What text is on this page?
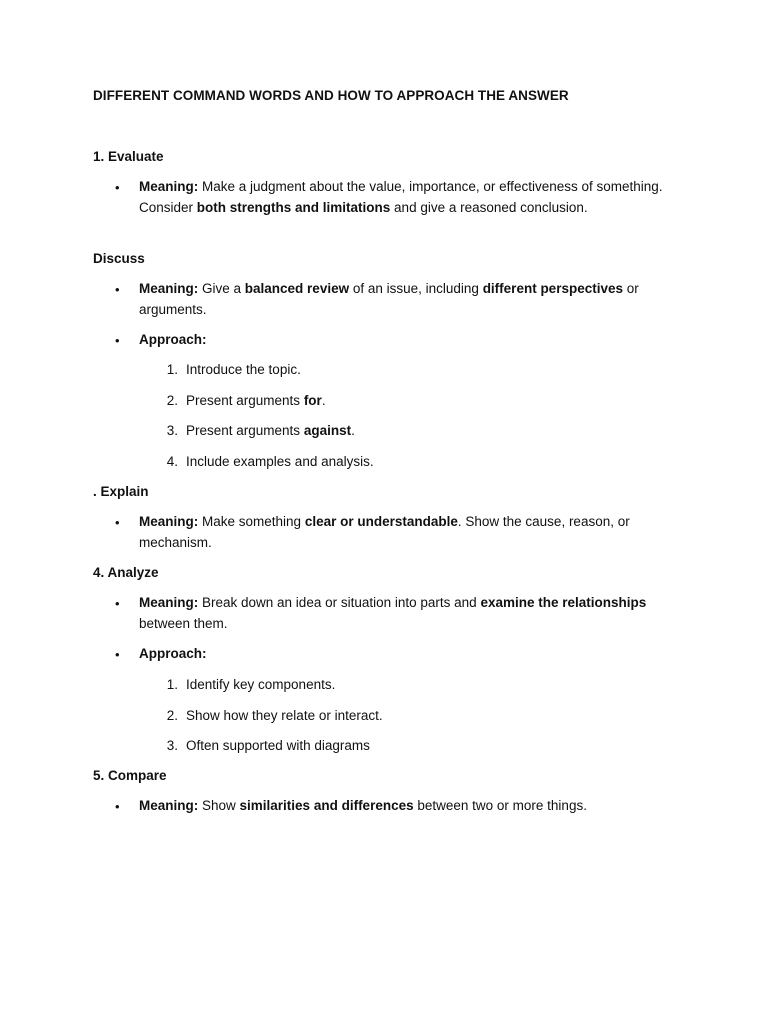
DIFFERENT COMMAND WORDS AND HOW TO APPROACH THE ANSWER
1. Evaluate
• Meaning: Make a judgment about the value, importance, or effectiveness of something. Consider both strengths and limitations and give a reasoned conclusion.
Discuss
• Meaning: Give a balanced review of an issue, including different perspectives or arguments.
• Approach:
1. Introduce the topic.
2. Present arguments for.
3. Present arguments against.
4. Include examples and analysis.
. Explain
• Meaning: Make something clear or understandable. Show the cause, reason, or mechanism.
4. Analyze
• Meaning: Break down an idea or situation into parts and examine the relationships between them.
• Approach:
1. Identify key components.
2. Show how they relate or interact.
3. Often supported with diagrams
5. Compare
• Meaning: Show similarities and differences between two or more things.
